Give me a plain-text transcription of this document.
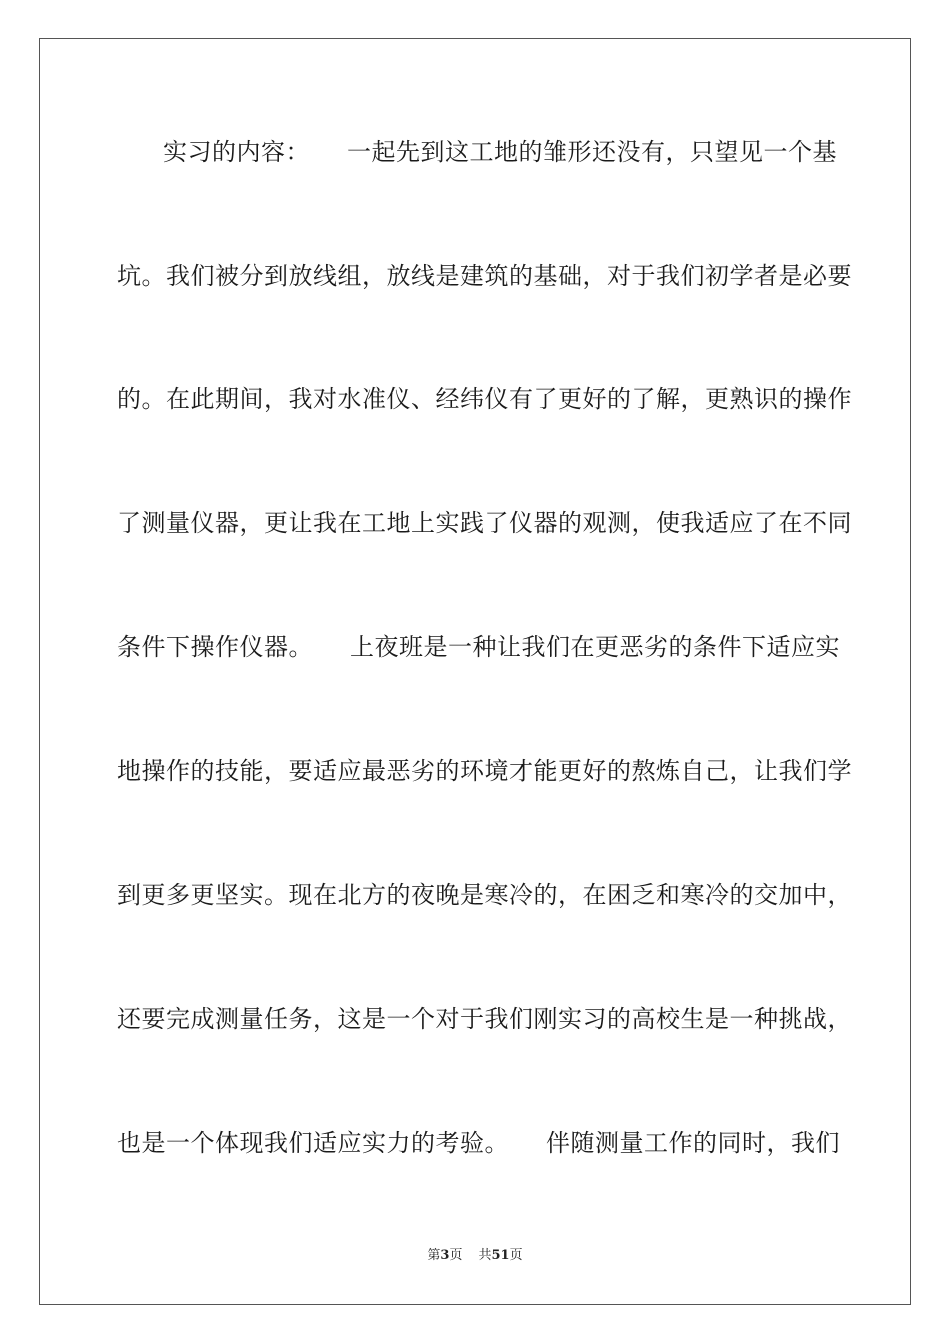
实习的内容：　　一起先到这工地的雏形还没有，只望见一个基
坑。我们被分到放线组，放线是建筑的基础，对于我们初学者是必要
的。在此期间，我对水准仪、经纬仪有了更好的了解，更熟识的操作
了测量仪器，更让我在工地上实践了仪器的观测，使我适应了在不同
条件下操作仪器。　　上夜班是一种让我们在更恶劣的条件下适应实
地操作的技能，要适应最恶劣的环境才能更好的熬炼自己，让我们学
到更多更坚实。现在北方的夜晚是寒冷的，在困乏和寒冷的交加中，
还要完成测量任务，这是一个对于我们刚实习的高校生是一种挑战，
也是一个体现我们适应实力的考验。　　伴随测量工作的同时，我们
第3页 共51页
